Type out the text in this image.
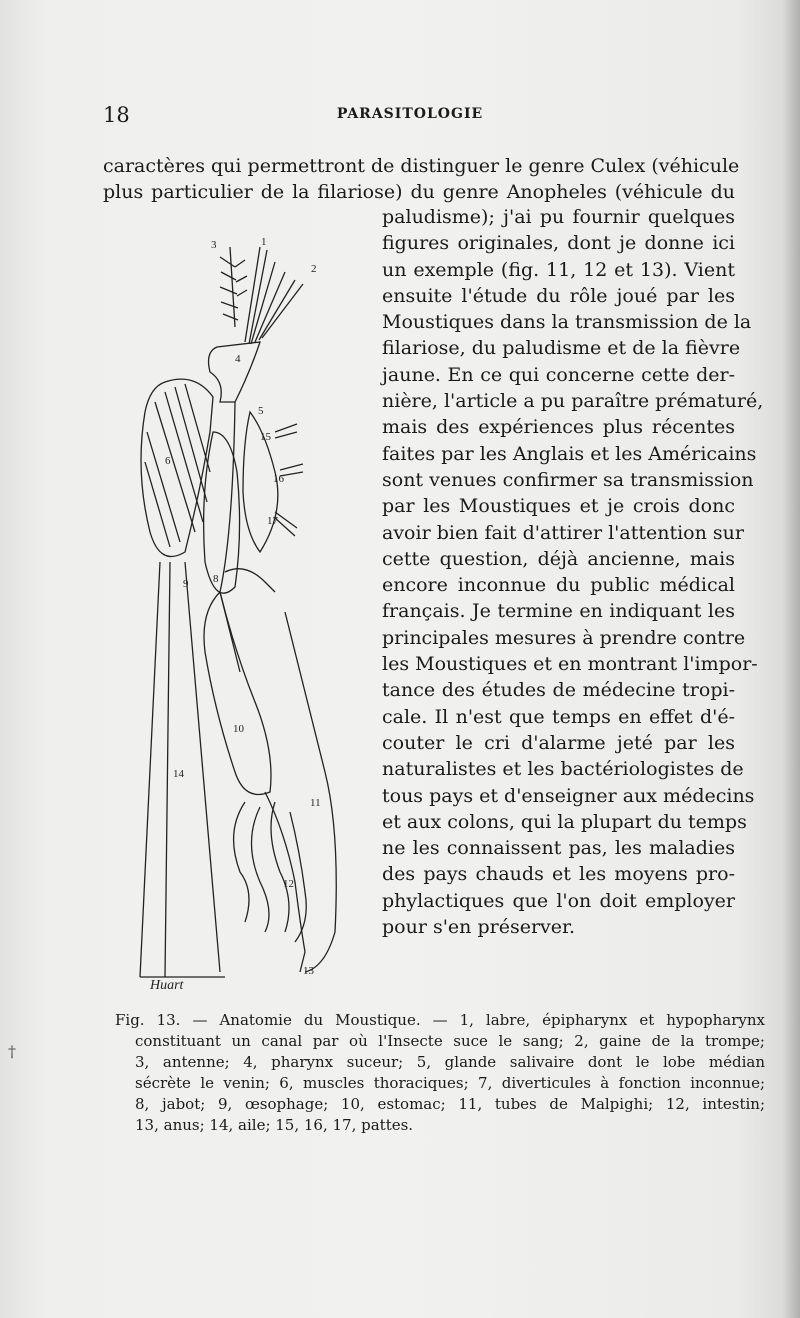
18	PARASITOLOGIE
caractères qui permettront de distinguer le genre Culex (véhicule
plus particulier de la filariose) du genre Anopheles (véhicule du
paludisme); j'ai pu fournir quelques
figures originales, dont je donne ici
un exemple (fig. 11, 12 et 13). Vient
ensuite l'étude du rôle joué par les
Moustiques dans la transmission de la
filariose, du paludisme et de la fièvre
jaune. En ce qui concerne cette der-
nière, l'article a pu paraître prématuré,
mais des expériences plus récentes
faites par les Anglais et les Américains
sont venues confirmer sa transmission
par les Moustiques et je crois donc
avoir bien fait d'attirer l'attention sur
cette question, déjà ancienne, mais
encore inconnue du public médical
français. Je termine en indiquant les
principales mesures à prendre contre
les Moustiques et en montrant l'impor-
tance des études de médecine tropi-
cale. Il n'est que temps en effet d'é-
couter le cri d'alarme jeté par les
naturalistes et les bactériologistes de
tous pays et d'enseigner aux médecins
et aux colons, qui la plupart du temps
ne les connaissent pas, les maladies
des pays chauds et les moyens pro-
phylactiques que l'on doit employer
pour s'en préserver.
3	1
2
4
5
6
8
9
10
11
12
13
14
15
16
17
Huart
Fig. 13. — Anatomie du Moustique. — 1, labre, épipharynx et hypopharynx
constituant un canal par où l'Insecte suce le sang; 2, gaine de la trompe;
3, antenne; 4, pharynx suceur; 5, glande salivaire dont le lobe médian
sécrète le venin; 6, muscles thoraciques; 7, diverticules à fonction inconnue;
8, jabot; 9, œsophage; 10, estomac; 11, tubes de Malpighi; 12, intestin;
13, anus; 14, aile; 15, 16, 17, pattes.
†
